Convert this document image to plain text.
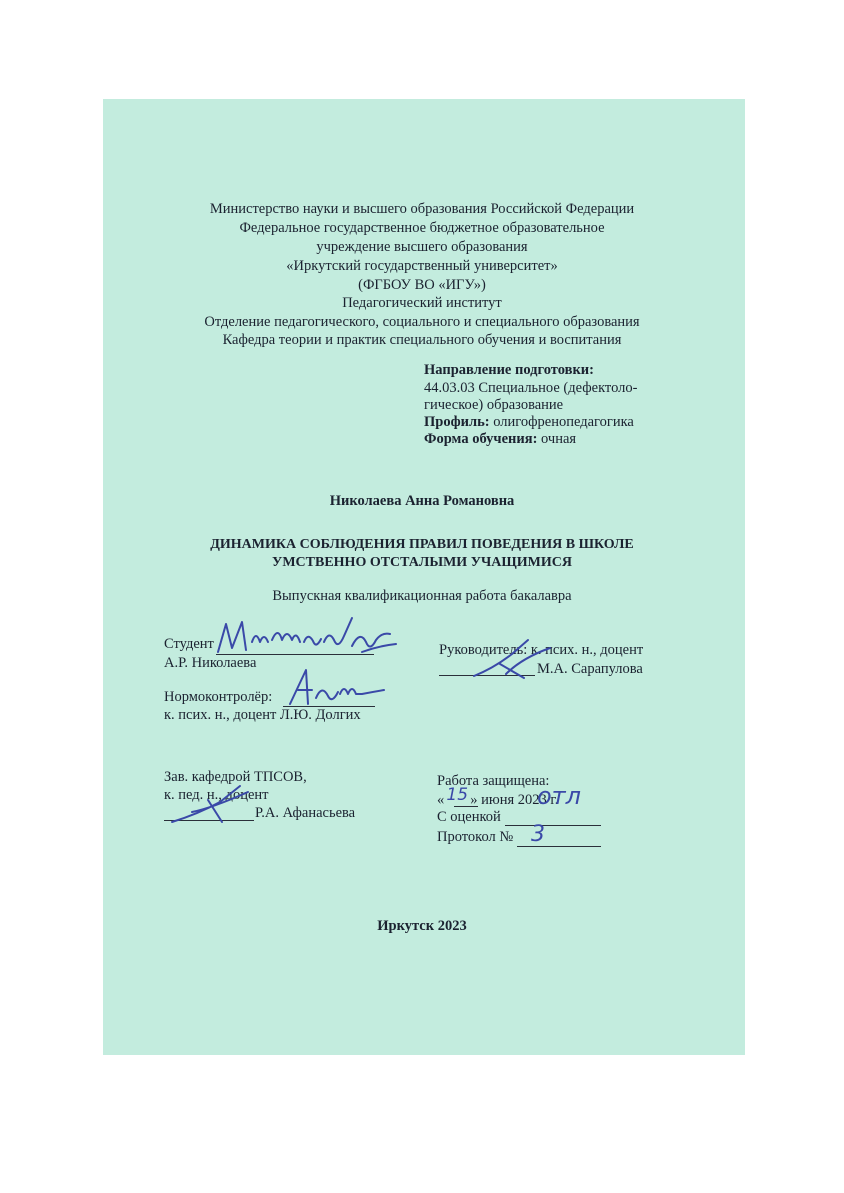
Министерство науки и высшего образования Российской Федерации
Федеральное государственное бюджетное образовательное
учреждение высшего образования
«Иркутский государственный университет»
(ФГБОУ ВО «ИГУ»)
Педагогический институт
Отделение педагогического, социального и специального образования
Кафедра теории и практик специального обучения и воспитания
Направление подготовки:
44.03.03 Специальное (дефектоло-
гическое) образование
Профиль: олигофренопедагогика
Форма обучения: очная
Николаева Анна Романовна
ДИНАМИКА СОБЛЮДЕНИЯ ПРАВИЛ ПОВЕДЕНИЯ В ШКОЛЕ
УМСТВЕННО ОТСТАЛЫМИ УЧАЩИМИСЯ
Выпускная квалификационная работа бакалавра
Студент
А.Р. Николаева
Руководитель: к. псих. н., доцент
М.А. Сарапулова
Нормоконтролёр:
к. псих. н., доцент Л.Ю. Долгих
Зав. кафедрой ТПСОВ,
к. пед. н., доцент
Р.А. Афанасьева
Работа защищена:
« 15 » июня 2023 г.
С оценкой
отл
Протокол № 3
Иркутск 2023
